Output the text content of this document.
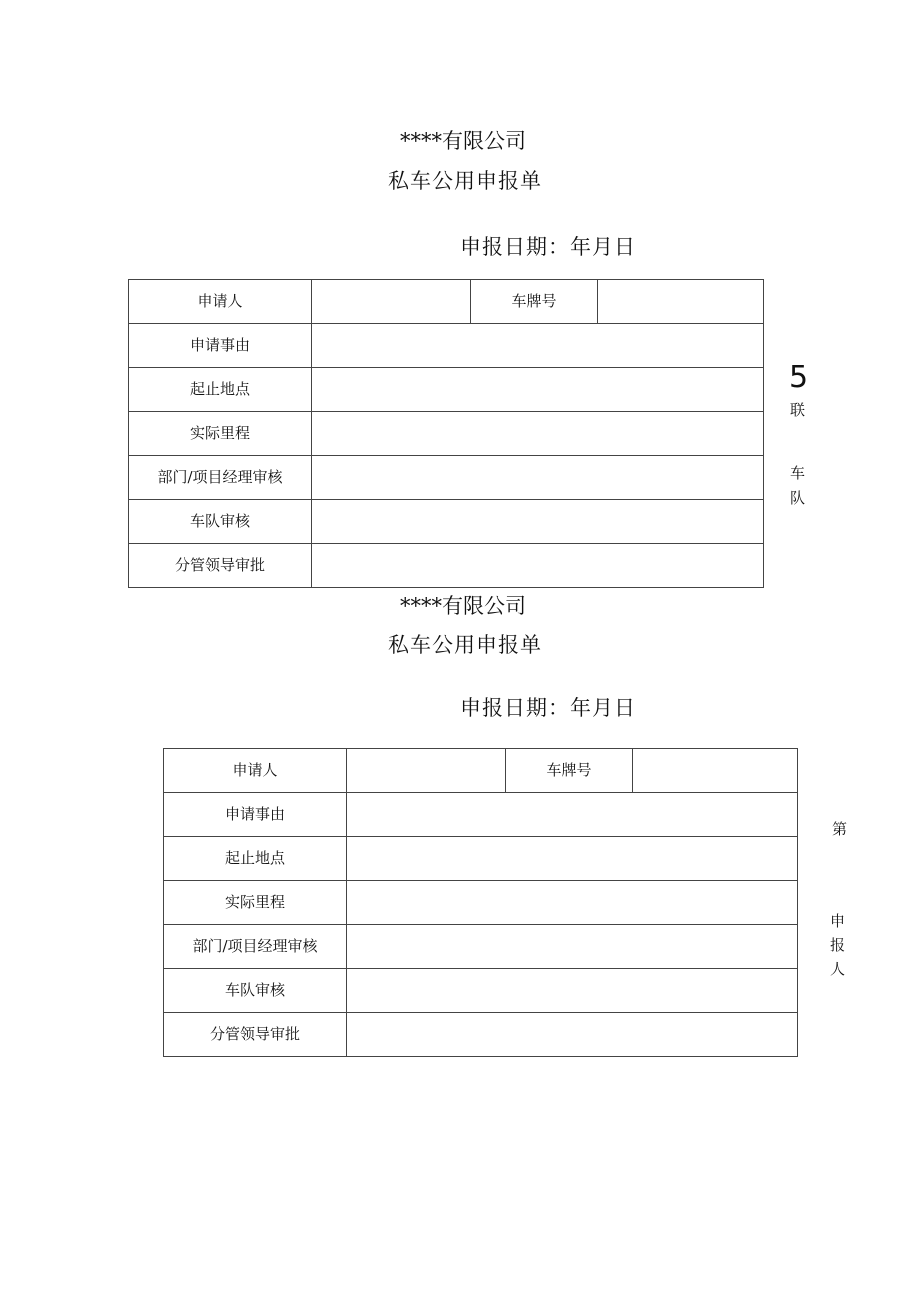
****有限公司
私车公用申报单
申报日期：年月日
申请人		车牌号	
申请事由			
起止地点			
实际里程			
部门/项目经理审核			
车队审核			
分管领导审批			
5
联
车
队
****有限公司
私车公用申报单
申报日期：年月日
申请人		车牌号	
申请事由			
起止地点			
实际里程			
部门/项目经理审核			
车队审核			
分管领导审批			
第
申
报
人
